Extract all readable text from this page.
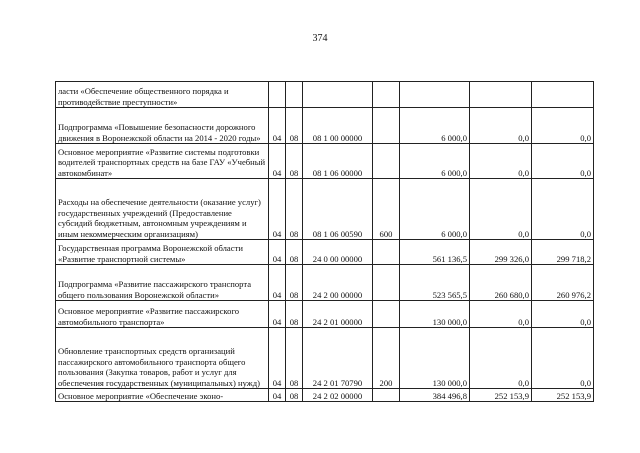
374
ласти «Обеспечение общественного порядка и противодействие преступности»							
Подпрограмма «Повышение безопасности дорожного движения в Воронежской области на 2014 - 2020 годы»	04	08	08 1 00 00000		6 000,0	0,0	0,0
Основное мероприятие «Развитие системы подготовки водителей транспортных средств на базе ГАУ «Учебный автокомбинат»	04	08	08 1 06 00000		6 000,0	0,0	0,0
Расходы на обеспечение деятельности (оказание услуг) государственных учреждений (Предоставление субсидий бюджетным, автономным учреждениям и иным некоммерческим организациям)	04	08	08 1 06 00590	600	6 000,0	0,0	0,0
Государственная программа Воронежской области «Развитие транспортной системы»	04	08	24 0 00 00000		561 136,5	299 326,0	299 718,2
Подпрограмма «Развитие пассажирского транспорта общего пользования Воронежской области»	04	08	24 2 00 00000		523 565,5	260 680,0	260 976,2
Основное мероприятие «Развитие пассажирского автомобильного транспорта»	04	08	24 2 01 00000		130 000,0	0,0	0,0
Обновление транспортных средств организаций пассажирского автомобильного транспорта общего пользования (Закупка товаров, работ и услуг для обеспечения государственных (муниципальных) нужд)	04	08	24 2 01 70790	200	130 000,0	0,0	0,0
Основное мероприятие «Обеспечение эконо-	04	08	24 2 02 00000		384 496,8	252 153,9	252 153,9
